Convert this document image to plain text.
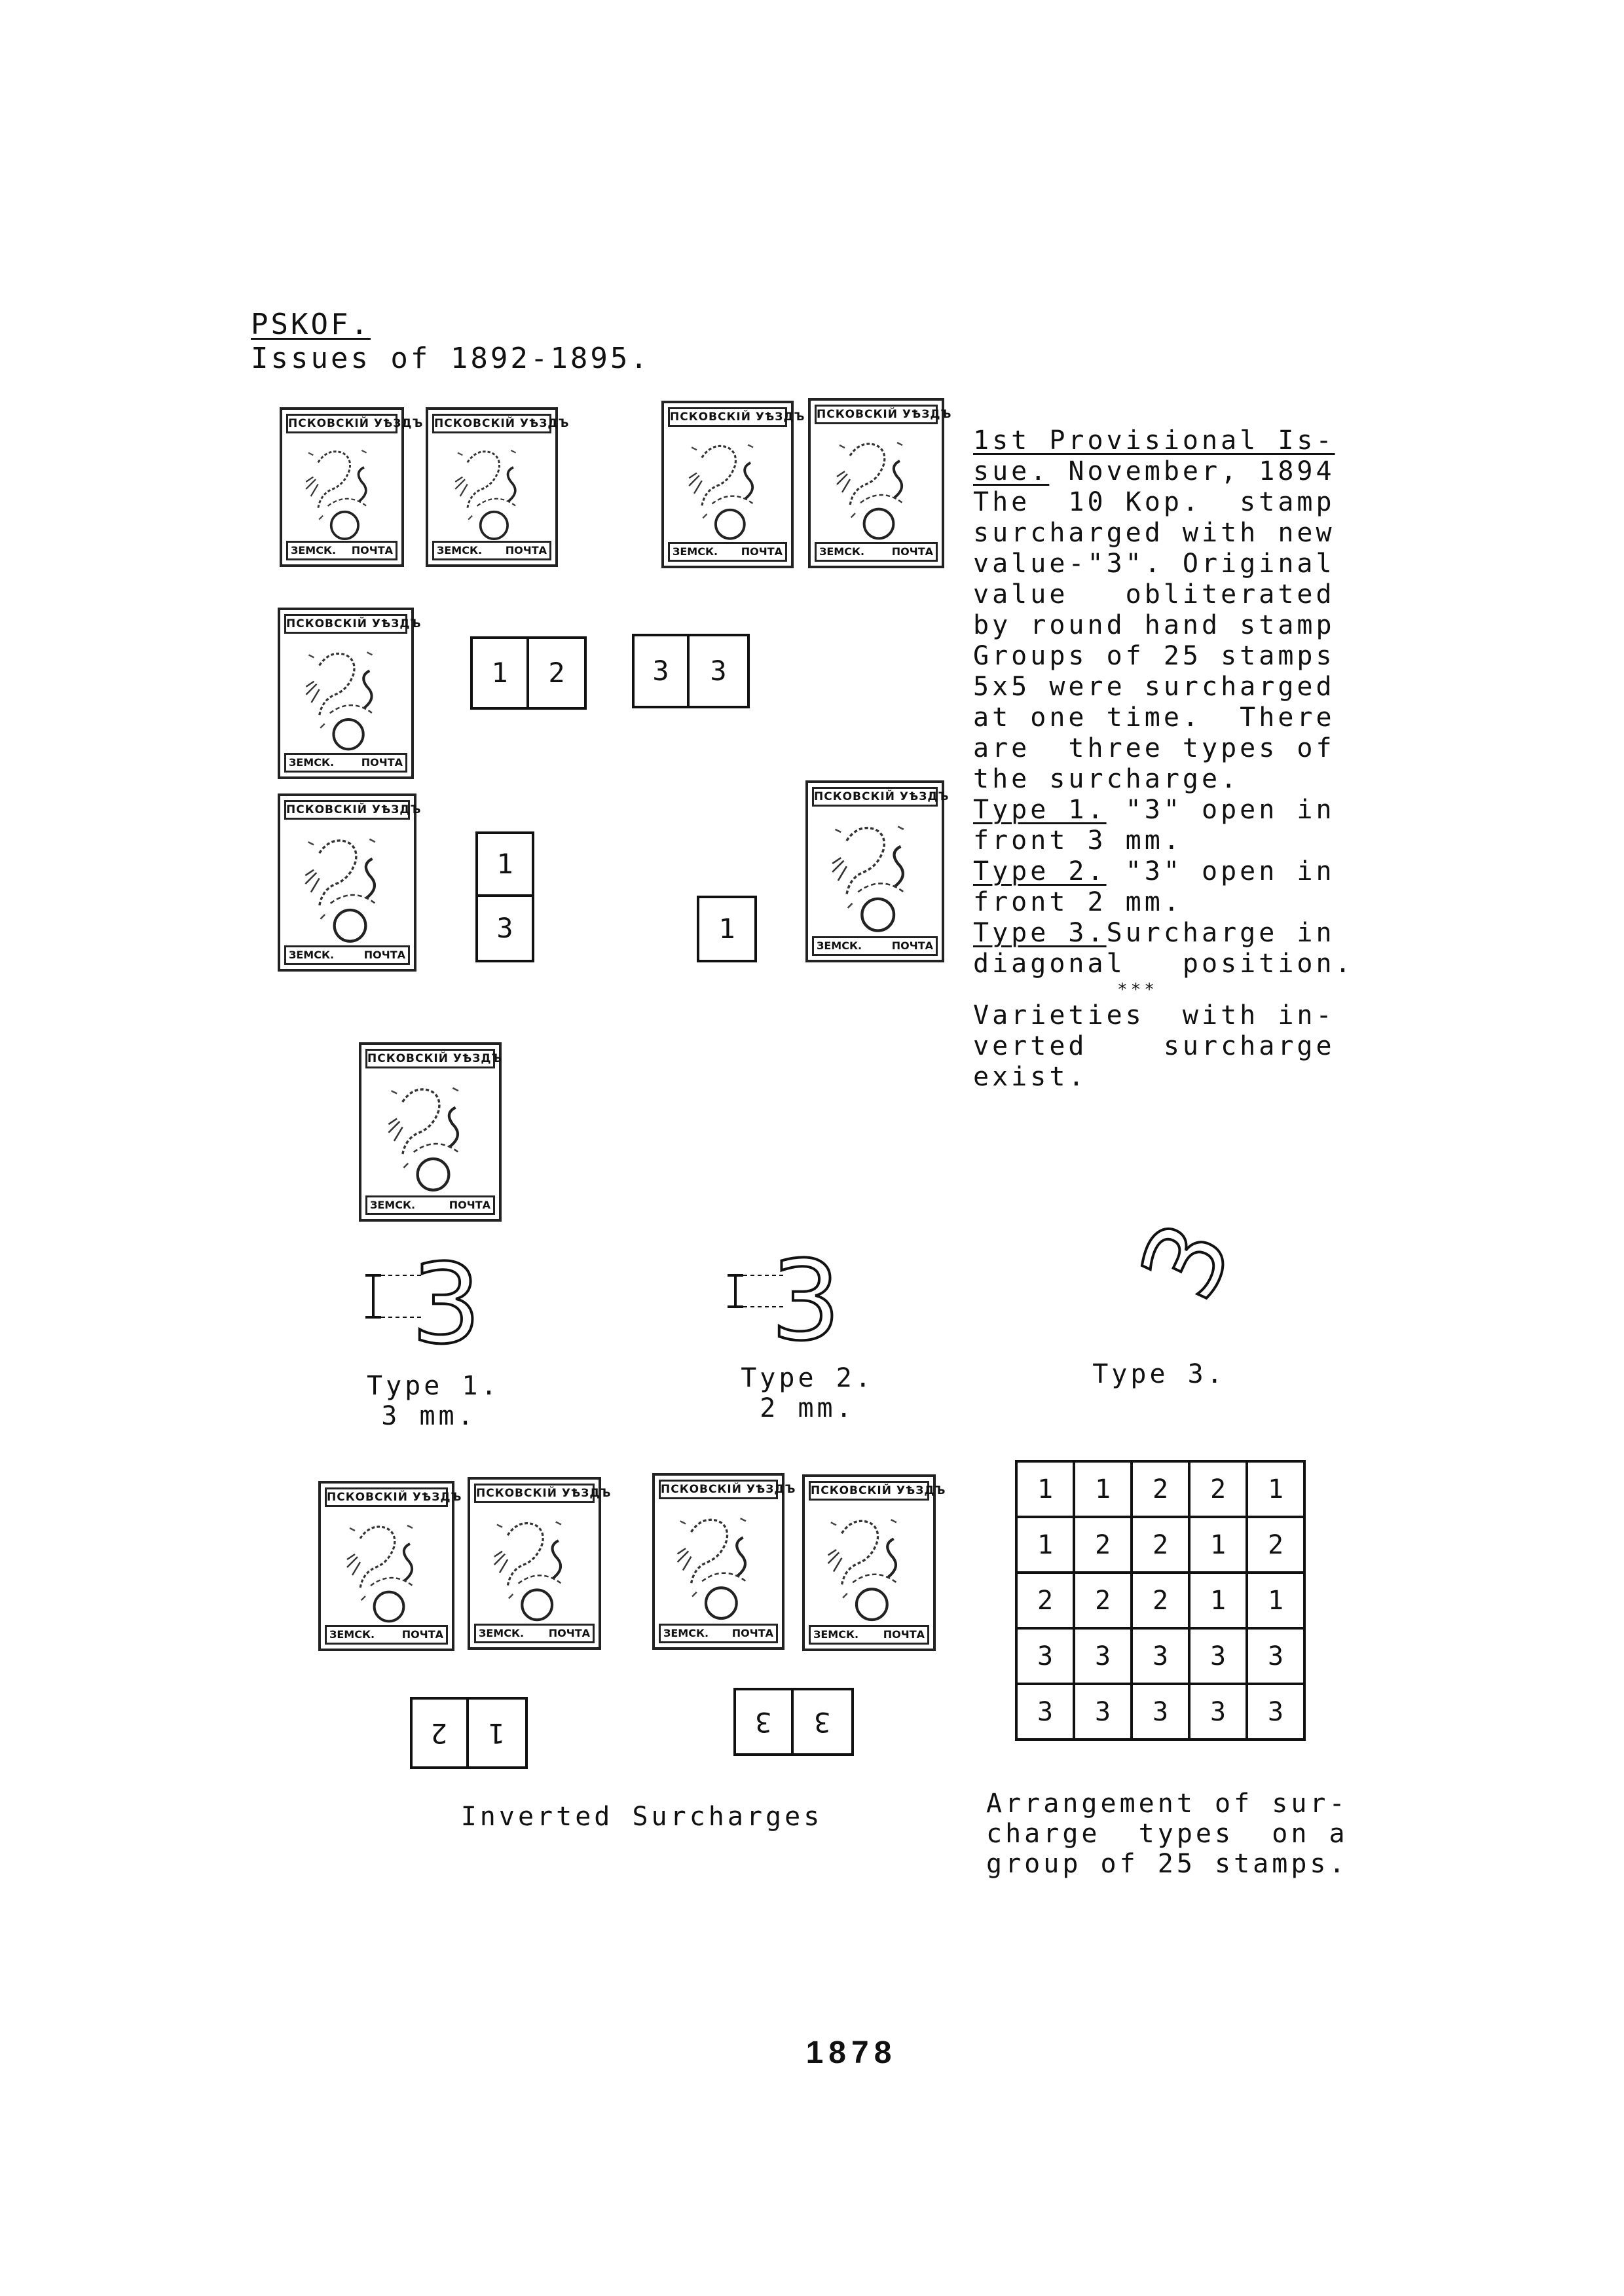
PSKOF.
Issues of 1892-1895.
ПСКОВСКIЙ УѢЗДЪ
ЗЕМСК. ПОЧТА
ПСКОВСКIЙ УѢЗДЪ
ЗЕМСК. ПОЧТА
ПСКОВСКIЙ УѢЗДЪ
ЗЕМСК. ПОЧТА
ПСКОВСКIЙ УѢЗДЪ
ЗЕМСК.	ПОЧТА
ПСКОВСКIЙ УѢЗДЪ
ЗЕМСК.	ПОЧТА
ПСКОВСКIЙ УѢЗДЪ
ЗЕМСК.	ПОЧТА
ПСКОВСКIЙ УѢЗДЪ
ЗЕМСК.	ПОЧТА
ПСКОВСКIЙ УѢЗДЪ
ЗЕМСК.	ПОЧТА
1	2	3	3
1
3	1
1st Provisional Is-
sue. November, 1894
The  10 Kop.  stamp
surcharged with new
value-"3". Original
value   obliterated
by round hand stamp
Groups of 25 stamps
5x5 were surcharged
at one time.  There
are  three types of
the surcharge.
Type 1. "3" open in
front 3 mm.
Type 2. "3" open in
front 2 mm.
Type 3.Surcharge in
diagonal   position.
***
Varieties  with in-
verted    surcharge
exist.
3	3	3
Type 1.
3 mm.
Type 2.
2 mm.
Type 3.
ПСКОВСКIЙ УѢЗДЪ
ЗЕМСК.	ПОЧТА
ПСКОВСКIЙ УѢЗДЪ
ЗЕМСК. ПОЧТА
ПСКОВСКIЙ УѢЗДЪ
ЗЕМСК. ПОЧТА
ПСКОВСКIЙ УѢЗДЪ
ЗЕМСК. ПОЧТА
2	1	3	3
Inverted Surcharges
1	1	2	2	1
1	2	2	1	2
2	2	2	1	1
3	3	3	3	3
3	3	3	3	3
Arrangement of sur-
charge  types  on a
group of 25 stamps.
1878
